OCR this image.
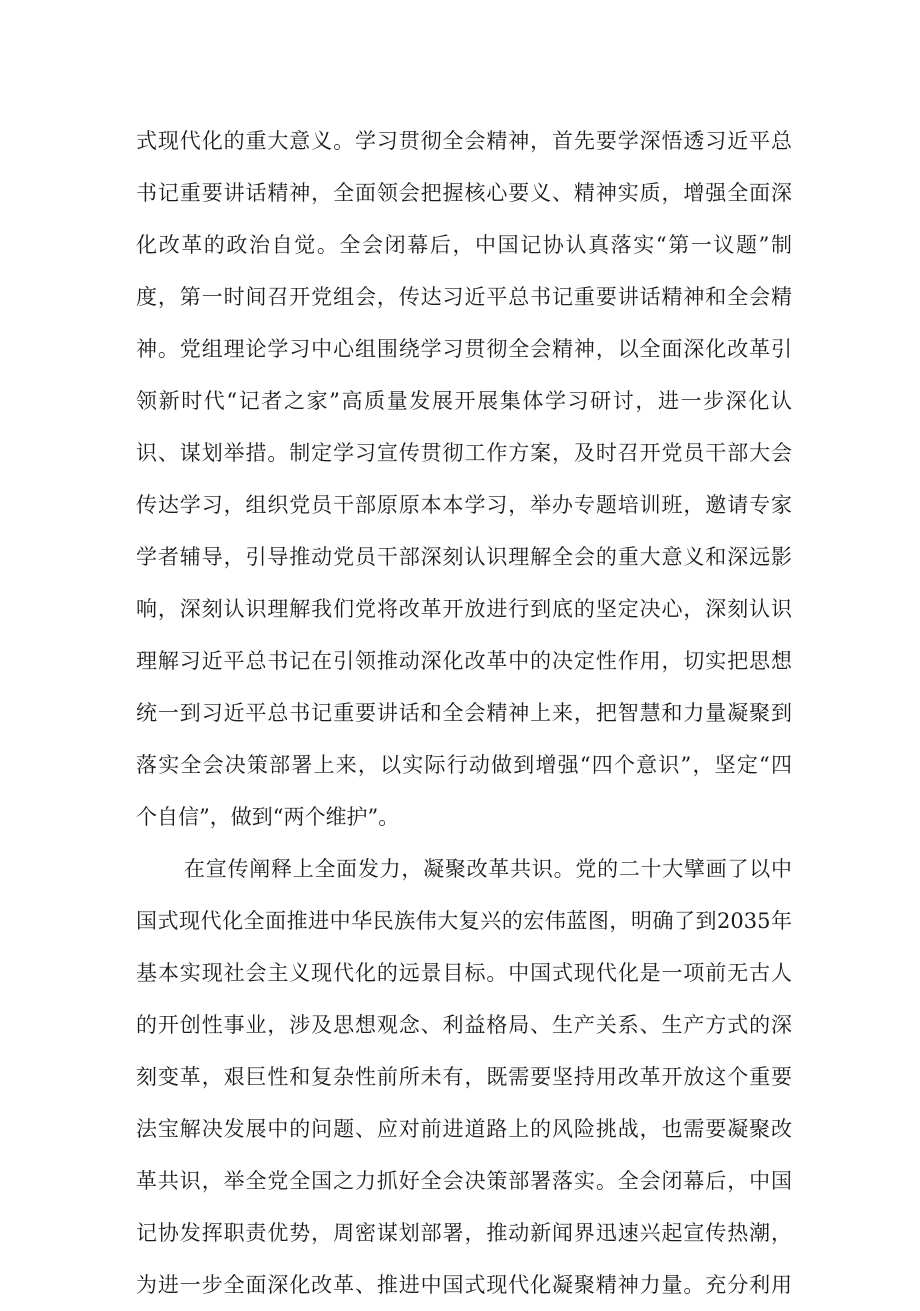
式现代化的重大意义。学习贯彻全会精神，首先要学深悟透习近平总
书记重要讲话精神，全面领会把握核心要义、精神实质，增强全面深
化改革的政治自觉。全会闭幕后，中国记协认真落实“第一议题”制
度，第一时间召开党组会，传达习近平总书记重要讲话精神和全会精
神。党组理论学习中心组围绕学习贯彻全会精神，以全面深化改革引
领新时代“记者之家”高质量发展开展集体学习研讨，进一步深化认
识、谋划举措。制定学习宣传贯彻工作方案，及时召开党员干部大会
传达学习，组织党员干部原原本本学习，举办专题培训班，邀请专家
学者辅导，引导推动党员干部深刻认识理解全会的重大意义和深远影
响，深刻认识理解我们党将改革开放进行到底的坚定决心，深刻认识
理解习近平总书记在引领推动深化改革中的决定性作用，切实把思想
统一到习近平总书记重要讲话和全会精神上来，把智慧和力量凝聚到
落实全会决策部署上来，以实际行动做到增强“四个意识”，坚定“四
个自信”，做到“两个维护”。
在宣传阐释上全面发力，凝聚改革共识。党的二十大擘画了以中
国式现代化全面推进中华民族伟大复兴的宏伟蓝图，明确了到2035年
基本实现社会主义现代化的远景目标。中国式现代化是一项前无古人
的开创性事业，涉及思想观念、利益格局、生产关系、生产方式的深
刻变革，艰巨性和复杂性前所未有，既需要坚持用改革开放这个重要
法宝解决发展中的问题、应对前进道路上的风险挑战，也需要凝聚改
革共识，举全党全国之力抓好全会决策部署落实。全会闭幕后，中国
记协发挥职责优势，周密谋划部署，推动新闻界迅速兴起宣传热潮，
为进一步全面深化改革、推进中国式现代化凝聚精神力量。充分利用
